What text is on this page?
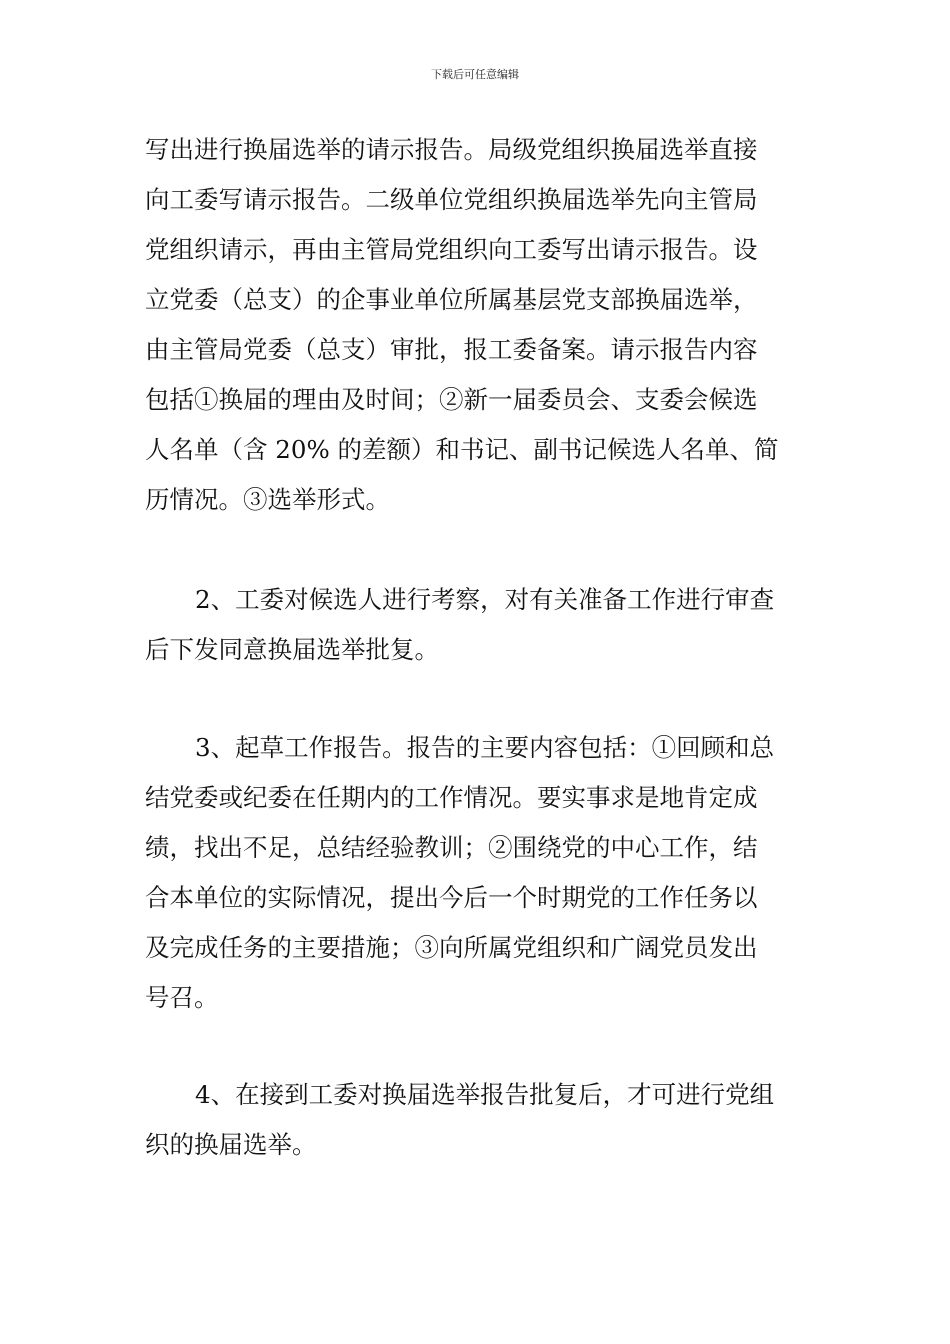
下载后可任意编辑
写出进行换届选举的请示报告。局级党组织换届选举直接
向工委写请示报告。二级单位党组织换届选举先向主管局
党组织请示，再由主管局党组织向工委写出请示报告。设
立党委（总支）的企事业单位所属基层党支部换届选举，
由主管局党委（总支）审批，报工委备案。请示报告内容
包括①换届的理由及时间；②新一届委员会、支委会候选
人名单（含 20% 的差额）和书记、副书记候选人名单、简
历情况。③选举形式。
2、工委对候选人进行考察，对有关准备工作进行审查
后下发同意换届选举批复。
3、起草工作报告。报告的主要内容包括：①回顾和总
结党委或纪委在任期内的工作情况。要实事求是地肯定成
绩，找出不足，总结经验教训；②围绕党的中心工作，结
合本单位的实际情况，提出今后一个时期党的工作任务以
及完成任务的主要措施；③向所属党组织和广阔党员发出
号召。
4、在接到工委对换届选举报告批复后，才可进行党组
织的换届选举。
